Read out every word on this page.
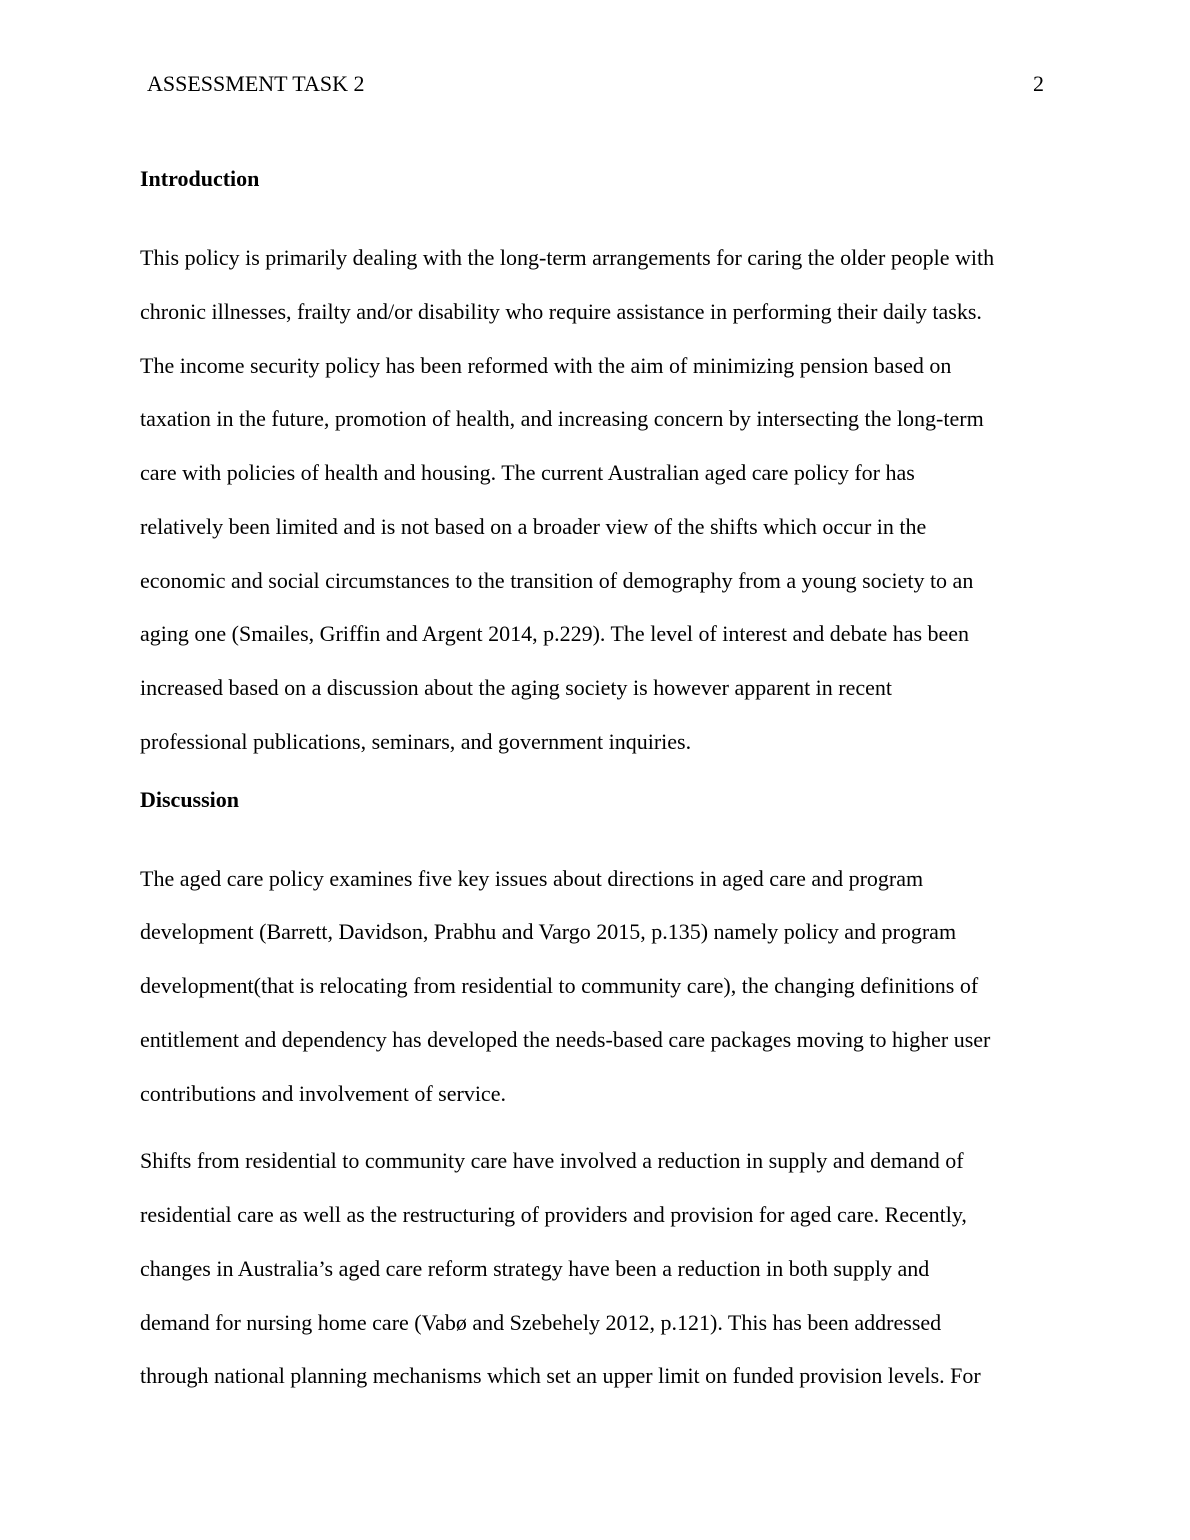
ASSESSMENT TASK 2	2
Introduction
This policy is primarily dealing with the long-term arrangements for caring the older people with
chronic illnesses, frailty and/or disability who require assistance in performing their daily tasks.
The income security policy has been reformed with the aim of minimizing pension based on
taxation in the future, promotion of health, and increasing concern by intersecting the long-term
care with policies of health and housing. The current Australian aged care policy for has
relatively been limited and is not based on a broader view of the shifts which occur in the
economic and social circumstances to the transition of demography from a young society to an
aging one (Smailes, Griffin and Argent 2014, p.229). The level of interest and debate has been
increased based on a discussion about the aging society is however apparent in recent
professional publications, seminars, and government inquiries.
Discussion
The aged care policy examines five key issues about directions in aged care and program
development (Barrett, Davidson, Prabhu and Vargo 2015, p.135) namely policy and program
development(that is relocating from residential to community care), the changing definitions of
entitlement and dependency has developed the needs-based care packages moving to higher user
contributions and involvement of service.
Shifts from residential to community care have involved a reduction in supply and demand of
residential care as well as the restructuring of providers and provision for aged care. Recently,
changes in Australia’s aged care reform strategy have been a reduction in both supply and
demand for nursing home care (Vabø and Szebehely 2012, p.121). This has been addressed
through national planning mechanisms which set an upper limit on funded provision levels. For
